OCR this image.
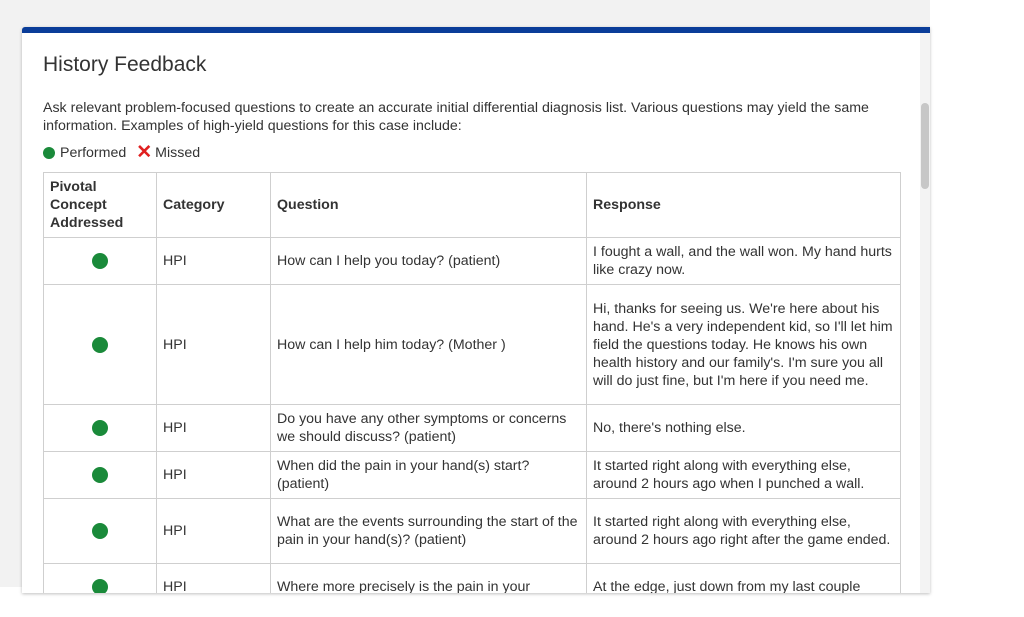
History Feedback
Ask relevant problem-focused questions to create an accurate initial differential diagnosis list. Various questions may yield the same information. Examples of high-yield questions for this case include:
Performed ✕ Missed
Pivotal Concept Addressed	Category	Question	Response
	HPI	How can I help you today? (patient)	I fought a wall, and the wall won. My hand hurts like crazy now.
	HPI	How can I help him today? (Mother )	Hi, thanks for seeing us. We're here about his hand. He's a very independent kid, so I'll let him field the questions today. He knows his own health history and our family's. I'm sure you all will do just fine, but I'm here if you need me.
	HPI	Do you have any other symptoms or concerns we should discuss? (patient)	No, there's nothing else.
	HPI	When did the pain in your hand(s) start? (patient)	It started right along with everything else, around 2 hours ago when I punched a wall.
	HPI	What are the events surrounding the start of the pain in your hand(s)? (patient)	It started right along with everything else, around 2 hours ago right after the game ended.
	HPI	Where more precisely is the pain in your	At the edge, just down from my last couple
